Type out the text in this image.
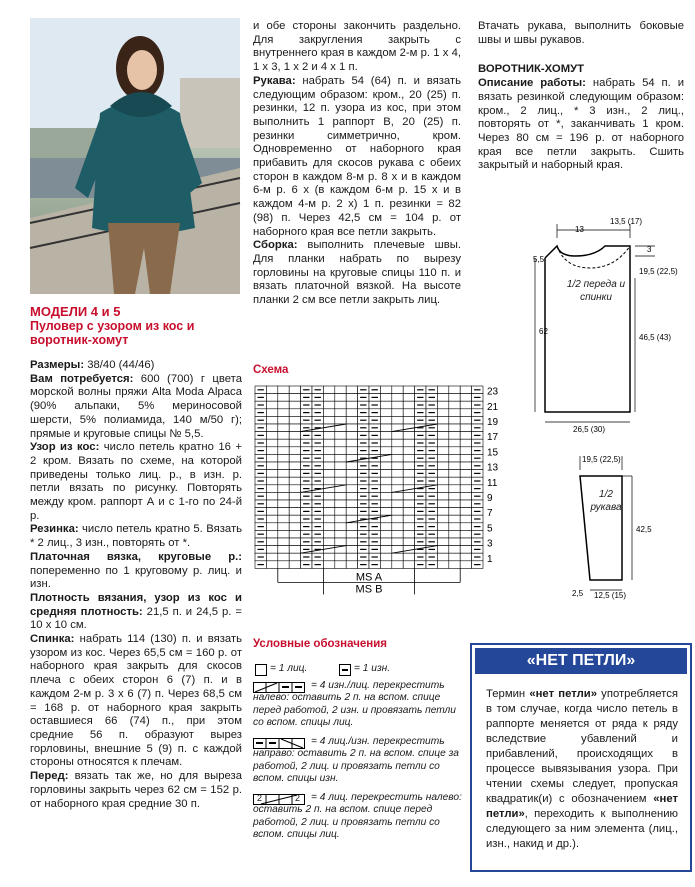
МОДЕЛИ 4 и 5
Пуловер с узором из кос и воротник-хомут

Размеры: 38/40 (44/46)

Вам потребуется: 600 (700) г цвета морской волны пряжи Alta Moda Alpaca (90% альпаки, 5% мериносовой шерсти, 5% полиамида, 140 м/50 г); прямые и круговые спицы № 5,5.

Узор из кос: число петель кратно 16 + 2 кром. Вязать по схеме, на которой приведены только лиц. р., в изн. р. петли вязать по рисунку. Повторять между кром. раппорт А и с 1-го по 24-й р.

Резинка: число петель кратно 5. Вязать * 2 лиц., 3 изн., повторять от *.

Платочная вязка, круговые р.: попеременно по 1 круговому р. лиц. и изн.

Плотность вязания, узор из кос и средняя плотность: 21,5 п. и 24,5 р. = 10 х 10 см.

Спинка: набрать 114 (130) п. и вязать узором из кос. Через 65,5 см = 160 р. от наборного края закрыть для скосов плеча с обеих сторон 6 (7) п. и в каждом 2-м р. 3 х 6 (7) п. Через 68,5 см = 168 р. от наборного края закрыть оставшиеся 66 (74) п., при этом средние 56 п. образуют вырез горловины, внешние 5 (9) п. с каждой стороны относятся к плечам.

Перед: вязать так же, но для выреза горловины закрыть через 62 см = 152 р. от наборного края средние 30 п.

и обе стороны закончить раздельно. Для закругления закрыть с внутреннего края в каждом 2-м р. 1 х 4, 1 х 3, 1 х 2 и 4 х 1 п.

Рукава: набрать 54 (64) п. и вязать следующим образом: кром., 20 (25) п. резинки, 12 п. узора из кос, при этом выполнить 1 раппорт B, 20 (25) п. резинки симметрично, кром. Одновременно от наборного края прибавить для скосов рукава с обеих сторон в каждом 8-м р. 8 х и в каждом 6-м р. 6 х (в каждом 6-м р. 15 х и в каждом 4-м р. 2 х) 1 п. резинки = 82 (98) п. Через 42,5 см = 104 р. от наборного края все петли закрыть.

Сборка: выполнить плечевые швы. Для планки набрать по вырезу горловины на круговые спицы 110 п. и вязать платочной вязкой. На высоте планки 2 см все петли закрыть лиц.

Схема
23
21
19
17
15
13
11
9
7
5
3
1
MS A
MS B
Условные обозначения
= 1 лиц.	= 1 изн.
= 4 изн./лиц. перекрестить налево: оставить 2 п. на вспом. спице перед работой, 2 изн. и провязать петли со вспом. спицы лиц.
= 4 лиц./изн. перекрестить направо: оставить 2 п. на вспом. спице за работой, 2 лиц. и провязать петли со вспом. спицы изн.
2	2	= 4 лиц. перекрестить налево: оставить 2 п. на вспом. спице перед работой, 2 лиц. и провязать петли со вспом. спицы лиц.

Втачать рукава, выполнить боковые швы и швы рукавов.

ВОРОТНИК-ХОМУТ

Описание работы: набрать 54 п. и вязать резинкой следующим образом: кром., 2 лиц., * 3 изн., 2 лиц., повторять от *, заканчивать 1 кром. Через 80 см = 196 р. от наборного края все петли закрыть. Сшить закрытый и наборный края.

13
13,5 (17)
5,5
3
19,5 (22,5)
62
46,5 (43)
26,5 (30)
1/2 переда и спинки
19,5 (22,5)
42,5
2,5 12,5 (15)
1/2 рукава
«НЕТ ПЕТЛИ»
Термин «нет петли» употребляется в том случае, когда число петель в раппорте меняется от ряда к ряду вследствие убавлений и прибавлений, происходящих в процессе вывязывания узора. При чтении схемы следует, пропуская квадратик(и) с обозначением «нет петли», переходить к выполнению следующего за ним элемента (лиц., изн., накид и др.).
